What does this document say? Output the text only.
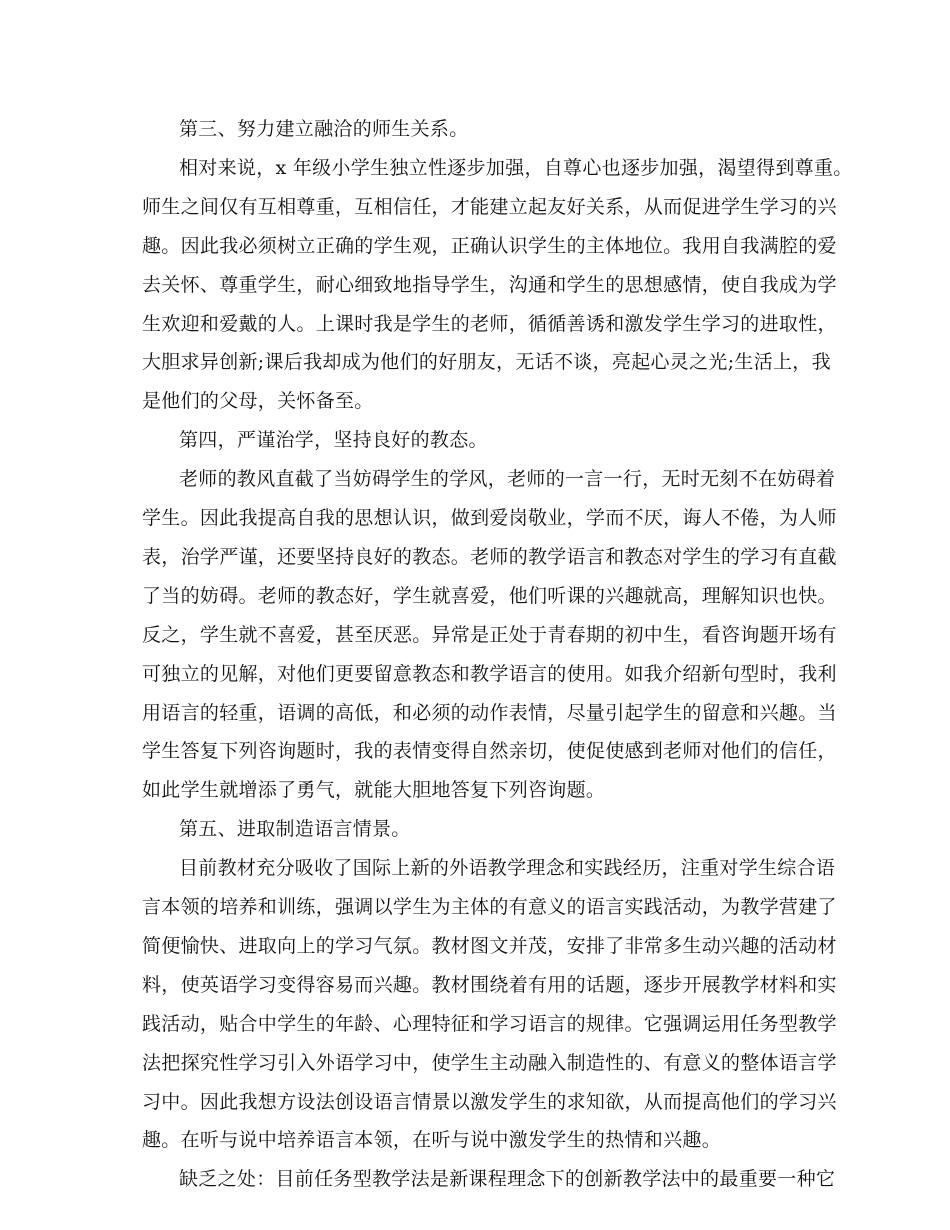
第三、努力建立融洽的师生关系。
相对来说，x 年级小学生独立性逐步加强，自尊心也逐步加强，渴望得到尊重。
师生之间仅有互相尊重，互相信任，才能建立起友好关系，从而促进学生学习的兴
趣。因此我必须树立正确的学生观，正确认识学生的主体地位。我用自我满腔的爱
去关怀、尊重学生，耐心细致地指导学生，沟通和学生的思想感情，使自我成为学
生欢迎和爱戴的人。上课时我是学生的老师，循循善诱和激发学生学习的进取性，
大胆求异创新;课后我却成为他们的好朋友，无话不谈，亮起心灵之光;生活上，我
是他们的父母，关怀备至。
第四，严谨治学，坚持良好的教态。
老师的教风直截了当妨碍学生的学风，老师的一言一行，无时无刻不在妨碍着
学生。因此我提高自我的思想认识，做到爱岗敬业，学而不厌，诲人不倦，为人师
表，治学严谨，还要坚持良好的教态。老师的教学语言和教态对学生的学习有直截
了当的妨碍。老师的教态好，学生就喜爱，他们听课的兴趣就高，理解知识也快。
反之，学生就不喜爱，甚至厌恶。异常是正处于青春期的初中生，看咨询题开场有
可独立的见解，对他们更要留意教态和教学语言的使用。如我介绍新句型时，我利
用语言的轻重，语调的高低，和必须的动作表情，尽量引起学生的留意和兴趣。当
学生答复下列咨询题时，我的表情变得自然亲切，使促使感到老师对他们的信任，
如此学生就增添了勇气，就能大胆地答复下列咨询题。
第五、进取制造语言情景。
目前教材充分吸收了国际上新的外语教学理念和实践经历，注重对学生综合语
言本领的培养和训练，强调以学生为主体的有意义的语言实践活动，为教学营建了
简便愉快、进取向上的学习气氛。教材图文并茂，安排了非常多生动兴趣的活动材
料，使英语学习变得容易而兴趣。教材围绕着有用的话题，逐步开展教学材料和实
践活动，贴合中学生的年龄、心理特征和学习语言的规律。它强调运用任务型教学
法把探究性学习引入外语学习中，使学生主动融入制造性的、有意义的整体语言学
习中。因此我想方设法创设语言情景以激发学生的求知欲，从而提高他们的学习兴
趣。在听与说中培养语言本领，在听与说中激发学生的热情和兴趣。
缺乏之处：目前任务型教学法是新课程理念下的创新教学法中的最重要一种它
